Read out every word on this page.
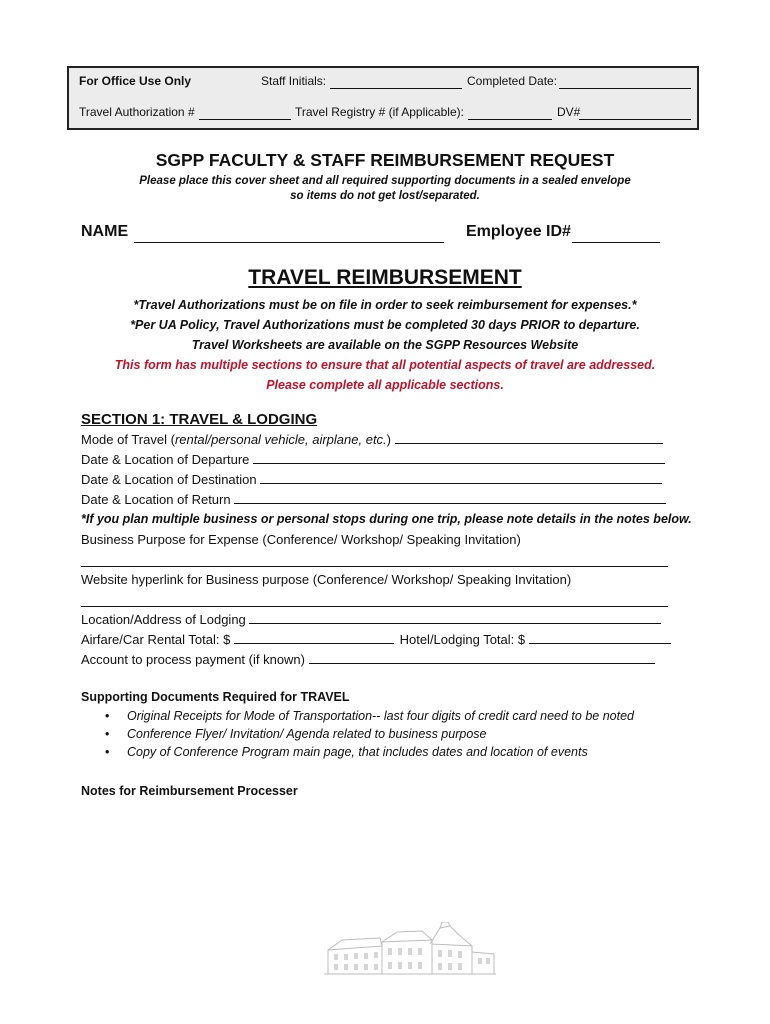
For Office Use Only	Staff Initials:	Completed Date:
Travel Authorization #	Travel Registry # (if Applicable):	DV#
SGPP FACULTY & STAFF REIMBURSEMENT REQUEST
Please place this cover sheet and all required supporting documents in a sealed envelope
so items do not get lost/separated.
NAME	Employee ID#
TRAVEL REIMBURSEMENT
*Travel Authorizations must be on file in order to seek reimbursement for expenses.*
*Per UA Policy, Travel Authorizations must be completed 30 days PRIOR to departure.
Travel Worksheets are available on the SGPP Resources Website
This form has multiple sections to ensure that all potential aspects of travel are addressed.
Please complete all applicable sections.
SECTION 1: TRAVEL & LODGING
Mode of Travel (rental/personal vehicle, airplane, etc.)
Date & Location of Departure
Date & Location of Destination
Date & Location of Return
*If you plan multiple business or personal stops during one trip, please note details in the notes below.
Business Purpose for Expense (Conference/ Workshop/ Speaking Invitation)
Website hyperlink for Business purpose (Conference/ Workshop/ Speaking Invitation)
Location/Address of Lodging
Airfare/Car Rental Total: $	Hotel/Lodging Total: $
Account to process payment (if known)
Supporting Documents Required for TRAVEL
• Original Receipts for Mode of Transportation-- last four digits of credit card need to be noted
• Conference Flyer/ Invitation/ Agenda related to business purpose
• Copy of Conference Program main page, that includes dates and location of events
Notes for Reimbursement Processer
